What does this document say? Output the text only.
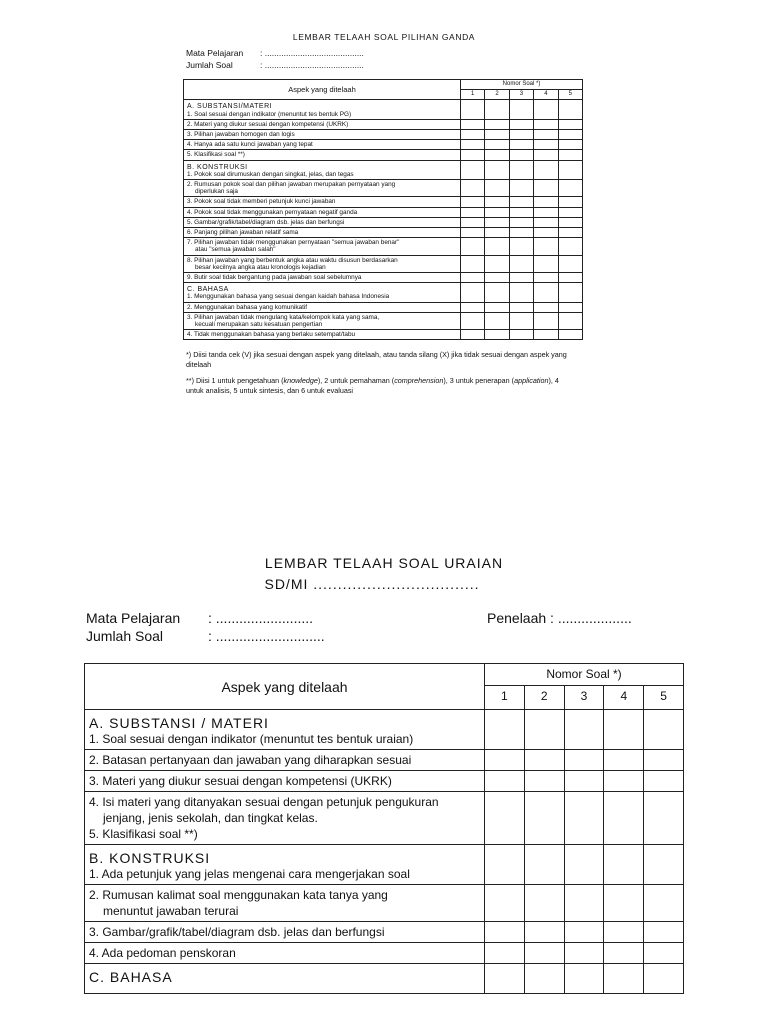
LEMBAR TELAAH SOAL PILIHAN GANDA
Mata Pelajaran : ..........................................
Jumlah Soal	: ..........................................
Aspek yang ditelaah	Nomor Soal *)				
	1	2	3	4	5

A. SUBSTANSI/MATERI
1. Soal sesuai dengan indikator (menuntut tes bentuk PG)					

2. Materi yang diukur sesuai dengan kompetensi (UKRK)					

3. Pilihan jawaban homogen dan logis					

4. Hanya ada satu kunci jawaban yang tepat					

5. Klasifikasi soal **)					

B. KONSTRUKSI
1. Pokok soal dirumuskan dengan singkat, jelas, dan tegas					

2. Rumusan pokok soal dan pilihan jawaban merupakan pernyataan yang
diperlukan saja					

3. Pokok soal tidak memberi petunjuk kunci jawaban					

4. Pokok soal tidak menggunakan pernyataan negatif ganda					

5. Gambar/grafik/tabel/diagram dsb. jelas dan berfungsi					

6. Panjang pilihan jawaban relatif sama					

7. Pilihan jawaban tidak menggunakan pernyataan "semua jawaban benar"
atau "semua jawaban salah"					

8. Pilihan jawaban yang berbentuk angka atau waktu disusun berdasarkan
besar kecilnya angka atau kronologis kejadian					

9. Butir soal tidak bergantung pada jawaban soal sebelumnya					

C. BAHASA
1. Menggunakan bahasa yang sesuai dengan kaidah bahasa Indonesia					

2. Menggunakan bahasa yang komunikatif					

3. Pilihan jawaban tidak mengulang kata/kelompok kata yang sama,
kecuali merupakan satu kesatuan pengertian					

4. Tidak menggunakan bahasa yang berlaku setempat/tabu					

*) Diisi tanda cek (V) jika sesuai dengan aspek yang ditelaah, atau tanda silang (X) jika tidak sesuai dengan aspek yang ditelaah
**) Diisi 1 untuk pengetahuan (knowledge), 2 untuk pemahaman (comprehension), 3 untuk penerapan (application), 4 untuk analisis, 5 untuk sintesis, dan 6 untuk evaluasi
LEMBAR TELAAH SOAL URAIAN
SD/MI ..................................
Mata Pelajaran : .........................
Jumlah Soal	: ............................
Penelaah : ...................
Aspek yang ditelaah	Nomor Soal *)				
	1	2	3	4	5

A. SUBSTANSI / MATERI
1. Soal sesuai dengan indikator (menuntut tes bentuk uraian)					

2. Batasan pertanyaan dan jawaban yang diharapkan sesuai					
3. Materi yang diukur sesuai dengan kompetensi (UKRK)					

4. Isi materi yang ditanyakan sesuai dengan petunjuk pengukuran
jenjang, jenis sekolah, dan tingkat kelas.
5. Klasifikasi soal **)					

B. KONSTRUKSI
1. Ada petunjuk yang jelas mengenai cara mengerjakan soal					

2. Rumusan kalimat soal menggunakan kata tanya yang
menuntut jawaban terurai					

3. Gambar/grafik/tabel/diagram dsb. jelas dan berfungsi					
4. Ada pedoman penskoran					

C. BAHASA					
